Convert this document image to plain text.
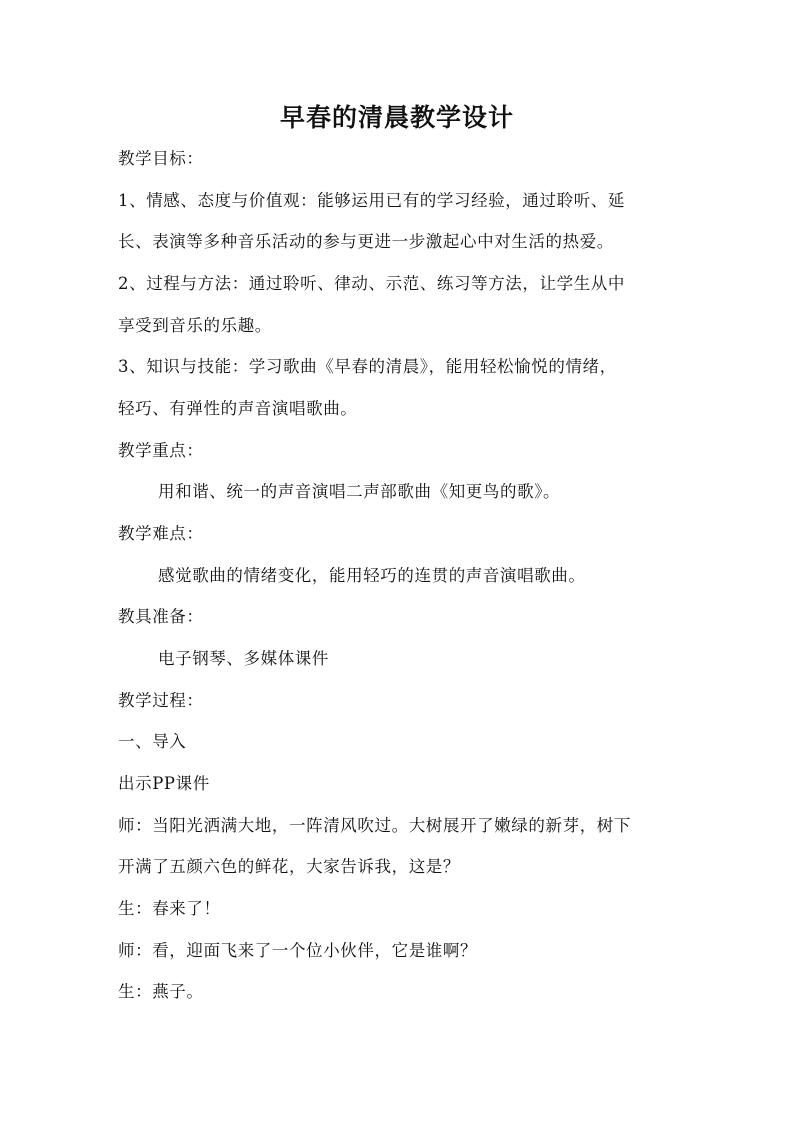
早春的清晨教学设计
教学目标：
1、情感、态度与价值观：能够运用已有的学习经验，通过聆听、延
长、表演等多种音乐活动的参与更进一步激起心中对生活的热爱。
2、过程与方法：通过聆听、律动、示范、练习等方法，让学生从中
享受到音乐的乐趣。
3、知识与技能：学习歌曲《早春的清晨》，能用轻松愉悦的情绪，
轻巧、有弹性的声音演唱歌曲。
教学重点：
用和谐、统一的声音演唱二声部歌曲《知更鸟的歌》。
教学难点：
感觉歌曲的情绪变化，能用轻巧的连贯的声音演唱歌曲。
教具准备：
电子钢琴、多媒体课件
教学过程：
一、导入
出示PP课件
师：当阳光洒满大地，一阵清风吹过。大树展开了嫩绿的新芽，树下
开满了五颜六色的鲜花，大家告诉我，这是？
生：春来了！
师：看，迎面飞来了一个位小伙伴，它是谁啊？
生：燕子。
